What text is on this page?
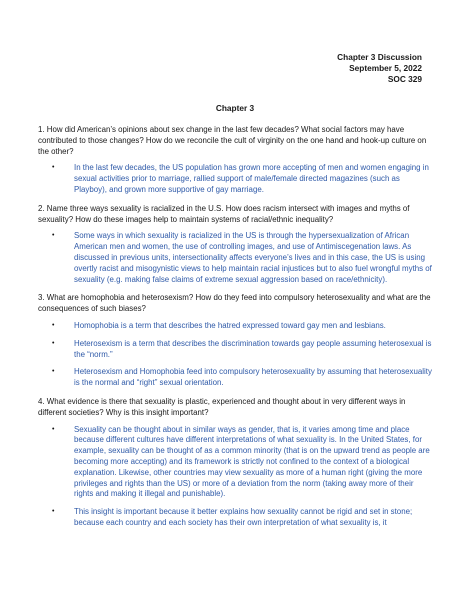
Chapter 3 Discussion
September 5, 2022
SOC 329
Chapter 3

1. How did American’s opinions about sex change in the last few decades? What social factors may have contributed to those changes? How do we reconcile the cult of virginity on the one hand and hook-up culture on the other?

• In the last few decades, the US population has grown more accepting of men and women engaging in sexual activities prior to marriage, rallied support of male/female directed magazines (such as Playboy), and grown more supportive of gay marriage.

2. Name three ways sexuality is racialized in the U.S. How does racism intersect with images and myths of sexuality? How do these images help to maintain systems of racial/ethnic inequality?

• Some ways in which sexuality is racialized in the US is through the hypersexualization of African American men and women, the use of controlling images, and use of Antimiscegenation laws. As discussed in previous units, intersectionality affects everyone’s lives and in this case, the US is using overtly racist and misogynistic views to help maintain racial injustices but to also fuel wrongful myths of sexuality (e.g. making false claims of extreme sexual aggression based on race/ethnicity).

3. What are homophobia and heterosexism? How do they feed into compulsory heterosexuality and what are the consequences of such biases?

• Homophobia is a term that describes the hatred expressed toward gay men and lesbians.
• Heterosexism is a term that describes the discrimination towards gay people assuming heterosexual is the “norm.”
• Heterosexism and Homophobia feed into compulsory heterosexuality by assuming that heterosexuality is the normal and “right” sexual orientation.

4. What evidence is there that sexuality is plastic, experienced and thought about in very different ways in different societies? Why is this insight important?

• Sexuality can be thought about in similar ways as gender, that is, it varies among time and place because different cultures have different interpretations of what sexuality is. In the United States, for example, sexuality can be thought of as a common minority (that is on the upward trend as people are becoming more accepting) and its framework is strictly not confined to the context of a biological explanation. Likewise, other countries may view sexuality as more of a human right (giving the more privileges and rights than the US) or more of a deviation from the norm (taking away more of their rights and making it illegal and punishable).
• This insight is important because it better explains how sexuality cannot be rigid and set in stone; because each country and each society has their own interpretation of what sexuality is, it
